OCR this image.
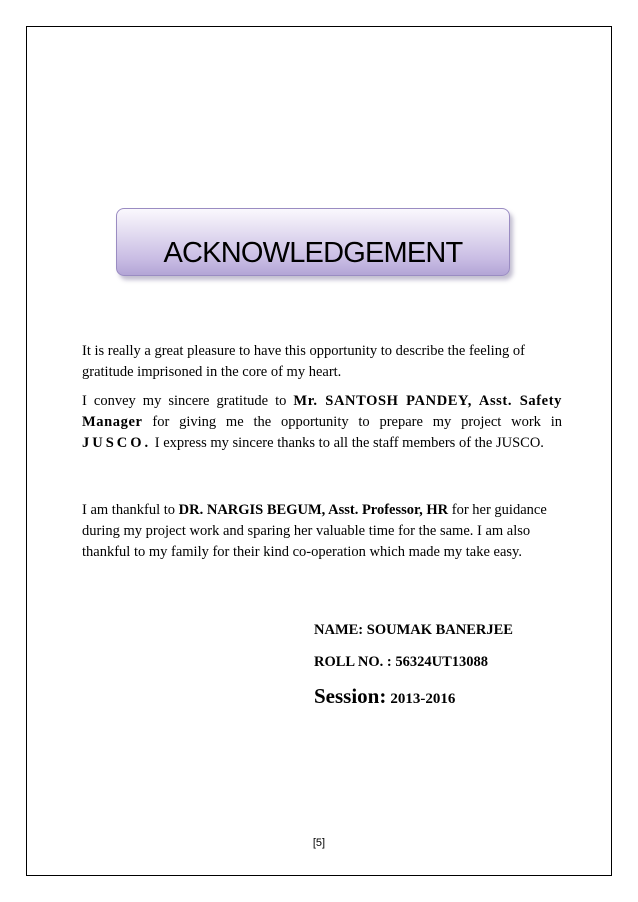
ACKNOWLEDGEMENT

It is really a great pleasure to have this opportunity to describe the feeling of gratitude imprisoned in the core of my heart.

I convey my sincere gratitude to Mr. SANTOSH PANDEY, Asst. Safety Manager for giving me the opportunity to prepare my project work in JUSCO. I express my sincere thanks to all the staff members of the JUSCO.

I am thankful to DR. NARGIS BEGUM, Asst. Professor, HR for her guidance during my project work and sparing her valuable time for the same. I am also thankful to my family for their kind co-operation which made my take easy.

NAME: SOUMAK BANERJEE

ROLL NO. : 56324UT13088

Session: 2013-2016

[5]
